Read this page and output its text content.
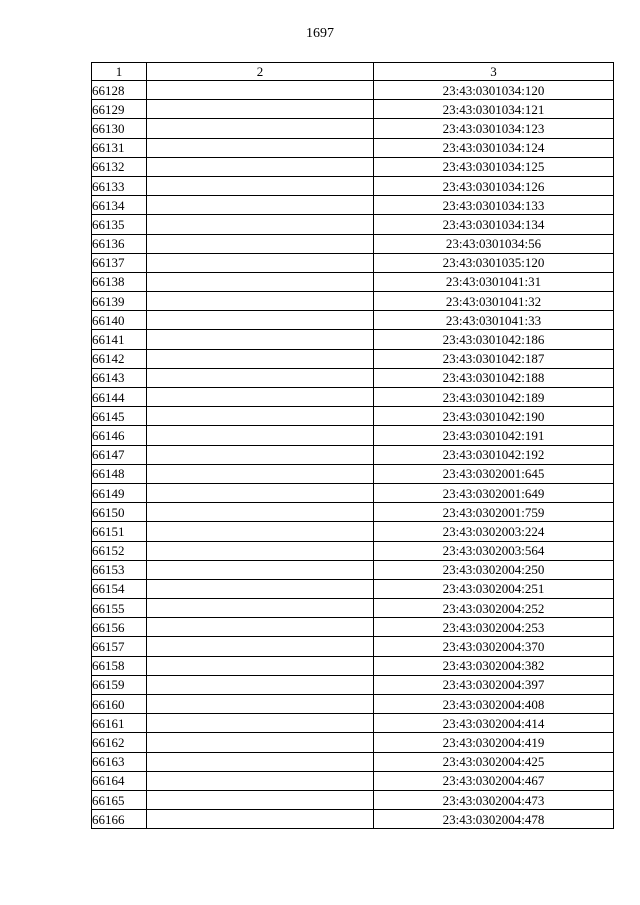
1697
1	2	3
66128		23:43:0301034:120
66129		23:43:0301034:121
66130		23:43:0301034:123
66131		23:43:0301034:124
66132		23:43:0301034:125
66133		23:43:0301034:126
66134		23:43:0301034:133
66135		23:43:0301034:134
66136		23:43:0301034:56
66137		23:43:0301035:120
66138		23:43:0301041:31
66139		23:43:0301041:32
66140		23:43:0301041:33
66141		23:43:0301042:186
66142		23:43:0301042:187
66143		23:43:0301042:188
66144		23:43:0301042:189
66145		23:43:0301042:190
66146		23:43:0301042:191
66147		23:43:0301042:192
66148		23:43:0302001:645
66149		23:43:0302001:649
66150		23:43:0302001:759
66151		23:43:0302003:224
66152		23:43:0302003:564
66153		23:43:0302004:250
66154		23:43:0302004:251
66155		23:43:0302004:252
66156		23:43:0302004:253
66157		23:43:0302004:370
66158		23:43:0302004:382
66159		23:43:0302004:397
66160		23:43:0302004:408
66161		23:43:0302004:414
66162		23:43:0302004:419
66163		23:43:0302004:425
66164		23:43:0302004:467
66165		23:43:0302004:473
66166		23:43:0302004:478
